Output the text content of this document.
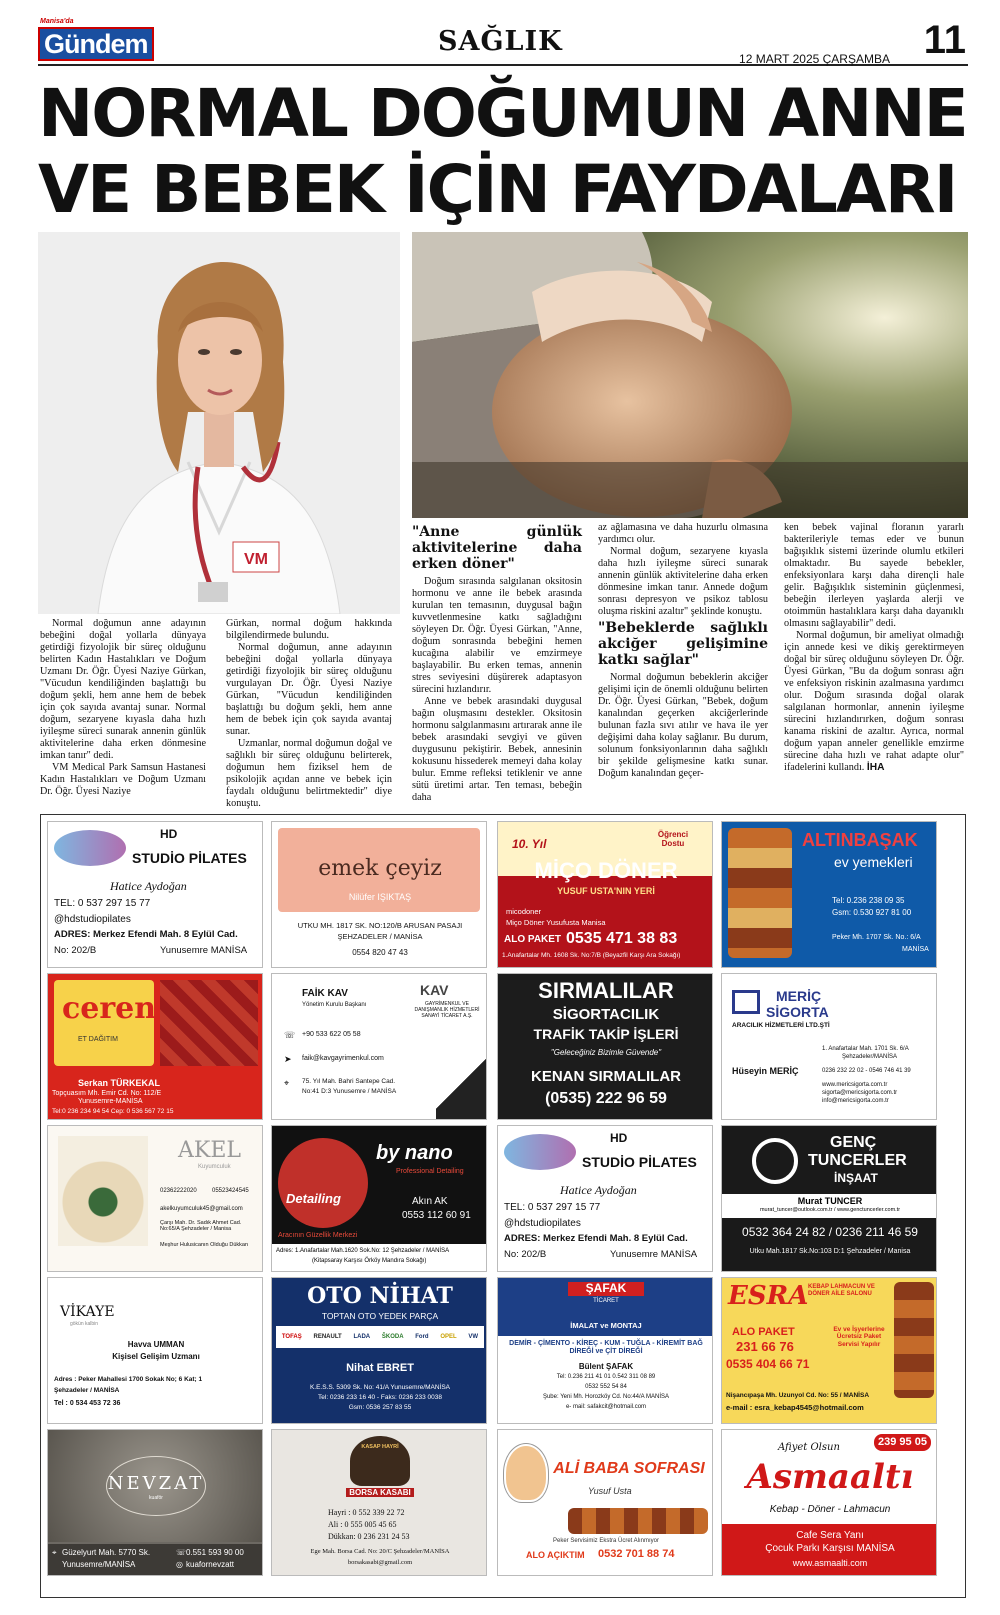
Manisa'da
Gündem	SAĞLIK
12 MART 2025 ÇARŞAMBA 11
NORMAL DOĞUMUN ANNE
VE BEBEK İÇİN FAYDALARI
VM

Normal doğumun anne adayının bebeğini doğal yollarla dünyaya getirdiği fizyolojik bir süreç olduğunu belirten Kadın Hastalıkları ve Doğum Uzmanı Dr. Öğr. Üyesi Naziye Gürkan, "Vücudun kendiliğinden başlattığı bu doğum şekli, hem anne hem de bebek için çok sayıda avantaj sunar. Normal doğum, sezaryene kıyasla daha hızlı iyileşme süreci sunarak annenin günlük aktivitelerine daha erken dönmesine imkan tanır" dedi.

VM Medical Park Samsun Hastanesi Kadın Hastalıkları ve Doğum Uzmanı Dr. Öğr. Üyesi Naziye

Gürkan, normal doğum hakkında bilgilendirmede bulundu.

Normal doğumun, anne adayının bebeğini doğal yollarla dünyaya getirdiği fizyolojik bir süreç olduğunu vurgulayan Dr. Öğr. Üyesi Naziye Gürkan, "Vücudun kendiliğinden başlattığı bu doğum şekli, hem anne hem de bebek için çok sayıda avantaj sunar.

Uzmanlar, normal doğumun doğal ve sağlıklı bir süreç olduğunu belirterek, doğumun hem fiziksel hem de psikolojik açıdan anne ve bebek için faydalı olduğunu belirtmektedir" diye konuştu.

"Anne günlük aktivitelerine daha erken döner"

Doğum sırasında salgılanan oksitosin hormonu ve anne ile bebek arasında kurulan ten temasının, duygusal bağın kuvvetlenmesine katkı sağladığını söyleyen Dr. Öğr. Üyesi Gürkan, "Anne, doğum sonrasında bebeğini hemen kucağına alabilir ve emzirmeye başlayabilir. Bu erken temas, annenin stres seviyesini düşürerek adaptasyon sürecini hızlandırır.

Anne ve bebek arasındaki duygusal bağın oluşmasını destekler. Oksitosin hormonu salgılanmasını artırarak anne ile bebek arasındaki sevgiyi ve güven duygusunu pekiştirir. Bebek, annesinin kokusunu hissederek memeyi daha kolay bulur. Emme refleksi tetiklenir ve anne sütü üretimi artar. Ten teması, bebeğin daha

az ağlamasına ve daha huzurlu olmasına yardımcı olur.

Normal doğum, sezaryene kıyasla daha hızlı iyileşme süreci sunarak annenin günlük aktivitelerine daha erken dönmesine imkan tanır. Annede doğum sonrası depresyon ve psikoz tablosu oluşma riskini azaltır" şeklinde konuştu.

"Bebeklerde sağlıklı akciğer gelişimine katkı sağlar"

Normal doğumun bebeklerin akciğer gelişimi için de önemli olduğunu belirten Dr. Öğr. Üyesi Gürkan, "Bebek, doğum kanalından geçerken akciğerlerinde bulunan fazla sıvı atılır ve hava ile yer değişimi daha kolay sağlanır. Bu durum, solunum fonksiyonlarının daha sağlıklı bir şekilde gelişmesine katkı sunar. Doğum kanalından geçer-

ken bebek vajinal floranın yararlı bakterileriyle temas eder ve bunun bağışıklık sistemi üzerinde olumlu etkileri olmaktadır. Bu sayede bebekler, enfeksiyonlara karşı daha dirençli hale gelir. Bağışıklık sisteminin güçlenmesi, bebeğin ilerleyen yaşlarda alerji ve otoimmün hastalıklara karşı daha dayanıklı olmasını sağlayabilir" dedi.

Normal doğumun, bir ameliyat olmadığı için annede kesi ve dikiş gerektirmeyen doğal bir süreç olduğunu söyleyen Dr. Öğr. Üyesi Gürkan, "Bu da doğum sonrası ağrı ve enfeksiyon riskinin azalmasına yardımcı olur. Doğum sırasında doğal olarak salgılanan hormonlar, annenin iyileşme sürecini hızlandırırken, doğum sonrası kanama riskini de azaltır. Ayrıca, normal doğum yapan anneler genellikle emzirme sürecine daha hızlı ve rahat adapte olur" ifadelerini kullandı. İHA

HD
STUDİO PİLATES
Hatice Aydoğan
TEL: 0 537 297 15 77
@hdstudiopilates
ADRES: Merkez Efendi Mah. 8 Eylül Cad.
No: 202/B	Yunusemre MANİSA
emek çeyiz
Nilüfer IŞIKTAŞ
UTKU MH. 1817 SK. NO:120/B ARUSAN PASAJI
ŞEHZADELER / MANİSA
0554 820 47 43
10. Yıl
Öğrenci Dostu
MİÇO DÖNER
YUSUF USTA'NIN YERİ
micodoner
Miço Döner Yusufusta Manisa
ALO PAKET 0535 471 38 83
1.Anafartalar Mh. 1608 Sk. No:7/B (Beyazfil Karşı Ara Sokağı)
ALTINBAŞAK
ev yemekleri
Tel: 0.236 238 09 35
Gsm: 0.530 927 81 00
Peker Mh. 1707 Sk. No.: 6/A
MANİSA
ceren
ET DAĞITIM
Serkan TÜRKEKAL
Topçuasım Mh. Emir Cd. No: 112/E
Yunusemre-MANİSA
Tel:0 236 234 94 54 Cep: 0 536 567 72 15
FAİK KAV
Yönetim Kurulu Başkanı
KAV
GAYRİMENKUL VE DANIŞMANLIK HİZMETLERİ SANAYİ TİCARET A.Ş.
☏ +90 533 622 05 58
➤ faik@kavgayrimenkul.com
⌖ 75. Yıl Mah. Bahri Santepe Cad.
No:41 D:3 Yunusemre / MANİSA
SIRMALILAR
SİGORTACILIK
TRAFİK TAKİP İŞLERİ
"Geleceğiniz Bizimle Güvende"
KENAN SIRMALILAR
(0535) 222 96 59
MERİÇ
SİGORTA
ARACILIK HİZMETLERİ LTD.ŞTİ
Hüseyin MERİÇ
1. Anafartalar Mah. 1701 Sk. 6/A
Şehzadeler/MANİSA
0236 232 22 02 - 0546 746 41 39
www.mericsigorta.com.tr
sigorta@mericsigorta.com.tr
info@mericsigorta.com.tr
AKEL
Kuyumculuk
02362222020	05523424545
akelkuyumculuk45@gmail.com
Çarşı Mah. Dr. Sadık Ahmet Cad. No:65/A Şehzadeler / Manisa
Meşhur Hulusicanın Olduğu Dükkan
Detailing
by nano
Professional Detailing
Aracının Güzellik Merkezi
Akın AK
0553 112 60 91
Adres: 1.Anafartalar Mah.1620 Sok.No: 12 Şehzadeler / MANİSA
(Kitapsaray Karşısı Örköy Mandıra Sokağı)
HD
STUDİO PİLATES
Hatice Aydoğan
TEL: 0 537 297 15 77
@hdstudiopilates
ADRES: Merkez Efendi Mah. 8 Eylül Cad.
No: 202/B	Yunusemre MANİSA
GENÇ
TUNCERLER
İNŞAAT
Murat TUNCER
murat_tuncer@outlook.com.tr / www.genctuncerler.com.tr
0532 364 24 82 / 0236 211 46 59
Utku Mah.1817 Sk.No:103 D:1 Şehzadeler / Manisa
VİKAYE
gökün kalbin
Havva UMMAN
Kişisel Gelişim Uzmanı
Adres : Peker Mahallesi 1700 Sokak No; 6 Kat; 1
Şehzadeler / MANİSA
Tel : 0 534 453 72 36
OTO NİHAT
TOPTAN OTO YEDEK PARÇA
TOFAŞ RENAULT LADA ŠKODA Ford OPEL VW
Nihat EBRET
K.E.S.S. 5309 Sk. No: 41/A Yunusemre/MANİSA
Tel: 0236 233 16 40 - Faks: 0236 233 0038
Gsm: 0536 257 83 55
ŞAFAK
TİCARET
İMALAT ve MONTAJ
DEMİR - ÇİMENTO - KİREÇ - KUM - TUĞLA - KİREMİT BAĞ DİREĞİ ve ÇİT DİREĞİ
Bülent ŞAFAK
Tel: 0.236 211 41 01 0.542 311 08 89
0532 552 54 84
Şube: Yeni Mh. Horozköy Cd. No:44/A MANİSA
e- mail: safakcit@hotmail.com
ESRA KEBAP LAHMACUN VE DÖNER AİLE SALONU
ALO PAKET
231 66 76
0535 404 66 71
Ev ve İşyerlerine Ücretsiz Paket Servisi Yapılır
Nişancıpaşa Mh. Uzunyol Cd. No: 55 / MANİSA
e-mail : esra_kebap4545@hotmail.com
NEVZAT
kuaför
⌖ Güzelyurt Mah. 5770 Sk.
Yunusemre/MANİSA
☏ 0.551 593 90 00
◎ kuafornevzatt
KASAP HAYRİ
BORSA KASABI
Hayri : 0 552 339 22 72
Ali : 0 555 005 45 65
Dükkan: 0 236 231 24 53
Ege Mah. Borsa Cad. No: 20/C Şehzadeler/MANİSA
borsakasabi@gmail.com
ALİ BABA SOFRASI
Yusuf Usta
Peker Servisimiz Ekstra Ücret Alınmıyor
ALO AÇIKTIM 0532 701 88 74
Afiyet Olsun	239 95 05
Asmaaltı
Kebap - Döner - Lahmacun
Cafe Sera Yanı
Çocuk Parkı Karşısı MANİSA
www.asmaalti.com
